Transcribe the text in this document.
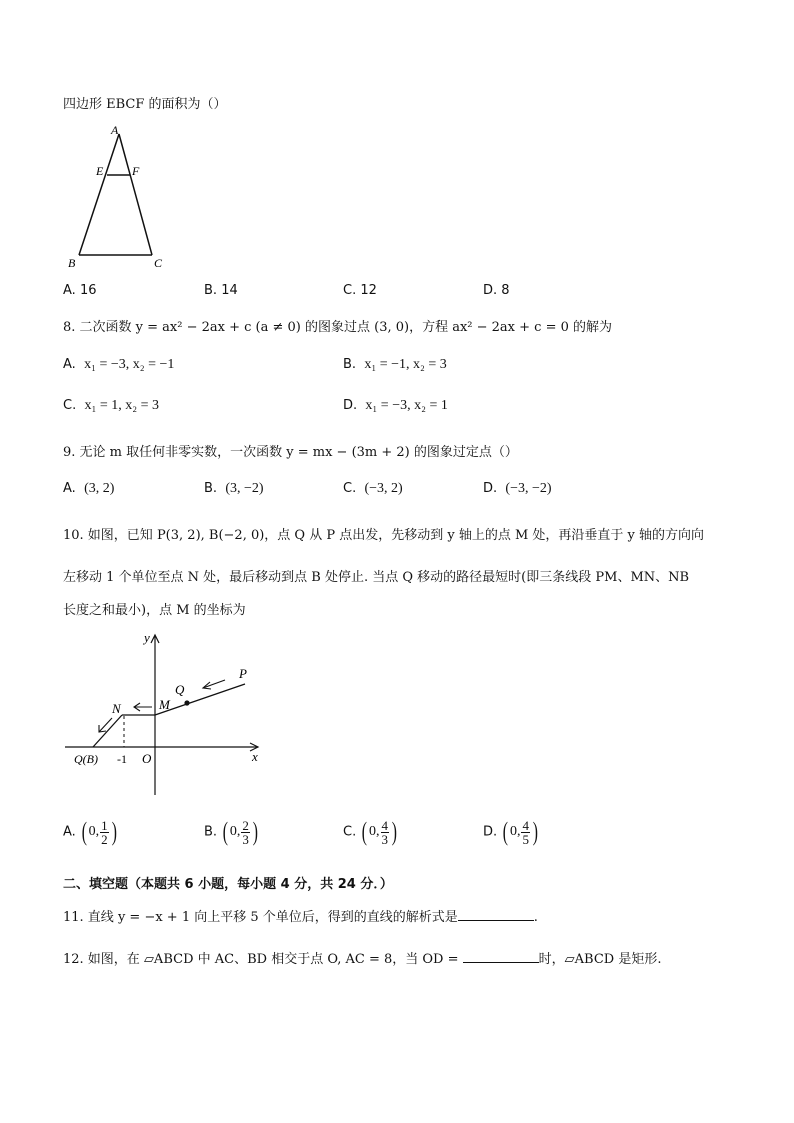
四边形 EBCF 的面积为（）
A
E F
B	C
A. 16	B. 14	C. 12	D. 8
8. 二次函数 y = ax² − 2ax + c (a ≠ 0) 的图象过点 (3, 0)，方程 ax² − 2ax + c = 0 的解为
A. x₁ = −3, x₂ = −1	B. x₁ = −1, x₂ = 3
C. x₁ = 1, x₂ = 3	D. x₁ = −3, x₂ = 1
9. 无论 m 取任何非零实数，一次函数 y = mx − (3m + 2) 的图象过定点（）
A. (3, 2)	B. (3, −2)	C. (−3, 2)	D. (−3, −2)
10. 如图，已知 P(3, 2), B(−2, 0)，点 Q 从 P 点出发，先移动到 y 轴上的点 M 处，再沿垂直于 y 轴的方向向
左移动 1 个单位至点 N 处，最后移动到点 B 处停止. 当点 Q 移动的路径最短时(即三条线段 PM、MN、NB
长度之和最小)，点 M 的坐标为
y
x
P
Q
M
N
Q(B) -1 O
A. ( 0, $\frac{1}{2}$ )	B. ( 0, $\frac{2}{3}$ )	C. ( 0, $\frac{4}{3}$ )	D. ( 0, $\frac{4}{5}$ )
二、填空题（本题共 6 小题，每小题 4 分，共 24 分．）
11. 直线 y = −x + 1 向上平移 5 个单位后，得到的直线的解析式是	.
12. 如图，在 ▱ABCD 中 AC、BD 相交于点 O, AC = 8，当 OD =	时，▱ABCD 是矩形.
